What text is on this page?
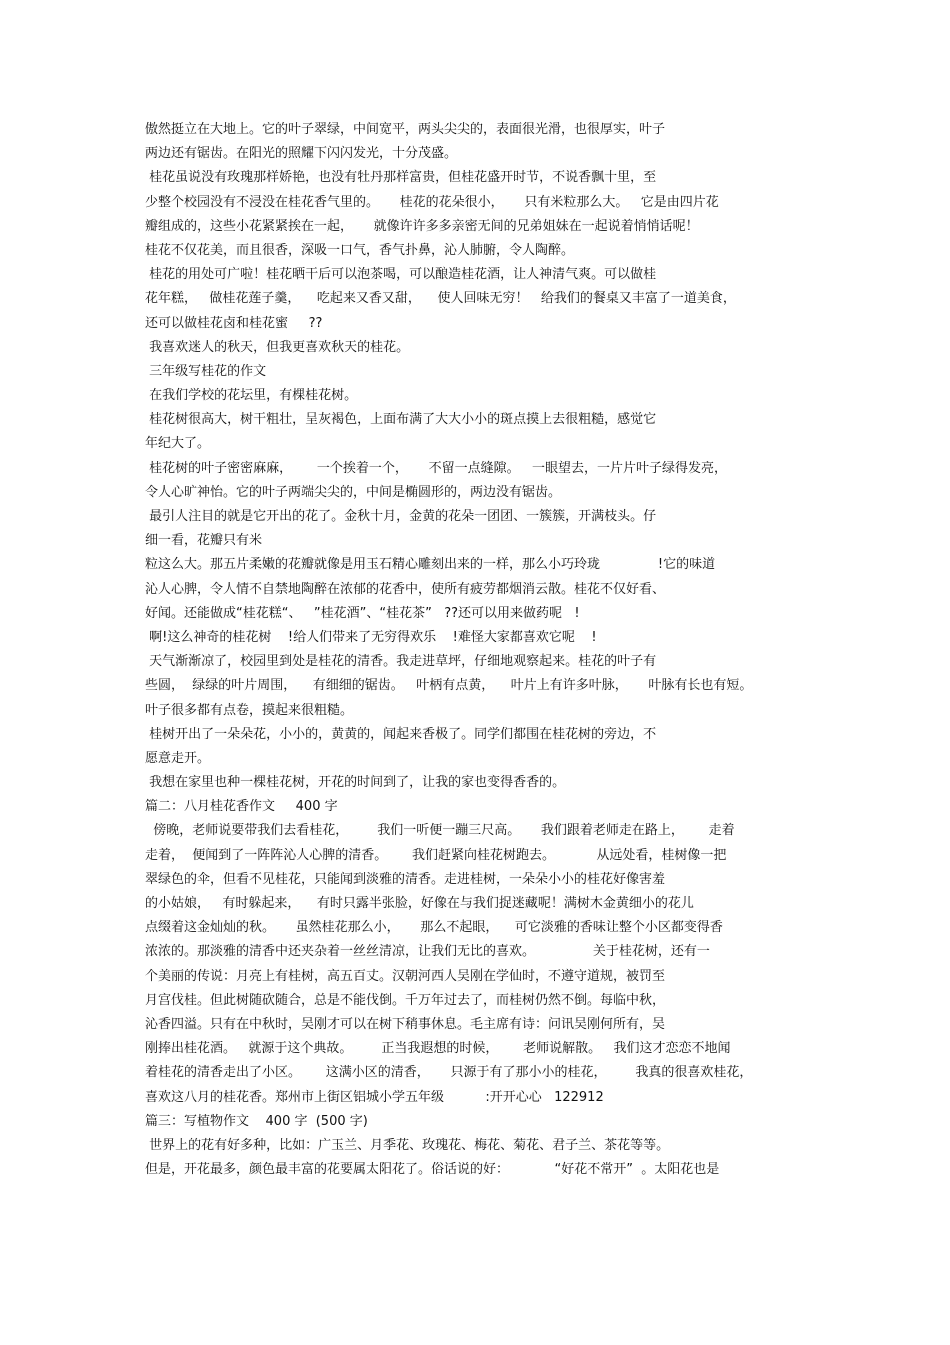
傲然挺立在大地上。它的叶子翠绿，中间宽平，两头尖尖的，表面很光滑，也很厚实，叶子
两边还有锯齿。在阳光的照耀下闪闪发光，十分茂盛。
桂花虽说没有玫瑰那样娇艳，也没有牡丹那样富贵，但桂花盛开时节，不说香飘十里，至
少整个校园没有不浸没在桂花香气里的。     桂花的花朵很小，     只有米粒那么大。   它是由四片花
瓣组成的，这些小花紧紧挨在一起，     就像许许多多亲密无间的兄弟姐妹在一起说着悄悄话呢！
桂花不仅花美，而且很香，深吸一口气，香气扑鼻，沁人肺腑，令人陶醉。
桂花的用处可广啦！桂花晒干后可以泡茶喝，可以酿造桂花酒，让人神清气爽。可以做桂
花年糕，   做桂花莲子羹，    吃起来又香又甜，    使人回味无穷！   给我们的餐桌又丰富了一道美食，
还可以做桂花卤和桂花蜜     ??
我喜欢迷人的秋天，但我更喜欢秋天的桂花。
三年级写桂花的作文
在我们学校的花坛里，有棵桂花树。
桂花树很高大，树干粗壮，呈灰褐色，上面布满了大大小小的斑点摸上去很粗糙，感觉它
年纪大了。
桂花树的叶子密密麻麻，      一个挨着一个，     不留一点缝隙。   一眼望去，一片片叶子绿得发亮，
令人心旷神怡。它的叶子两端尖尖的，中间是椭圆形的，两边没有锯齿。
最引人注目的就是它开出的花了。金秋十月，金黄的花朵一团团、一簇簇，开满枝头。仔
细一看，花瓣只有米
粒这么大。那五片柔嫩的花瓣就像是用玉石精心雕刻出来的一样，那么小巧玲珑              !它的味道
沁人心脾，令人情不自禁地陶醉在浓郁的花香中，使所有疲劳都烟消云散。桂花不仅好看、
好闻。还能做成“桂花糕“、   ”桂花酒”、“桂花茶”   ??还可以用来做药呢   !
啊!这么神奇的桂花树    !给人们带来了无穷得欢乐    !难怪大家都喜欢它呢    !
天气渐渐凉了，校园里到处是桂花的清香。我走进草坪，仔细地观察起来。桂花的叶子有
些圆，  绿绿的叶片周围，    有细细的锯齿。   叶柄有点黄，    叶片上有许多叶脉，     叶脉有长也有短。
叶子很多都有点卷，摸起来很粗糙。
桂树开出了一朵朵花，小小的，黄黄的，闻起来香极了。同学们都围在桂花树的旁边，不
愿意走开。
我想在家里也种一棵桂花树，开花的时间到了，让我的家也变得香香的。
篇二：八月桂花香作文     400 字
傍晚，老师说要带我们去看桂花，       我们一听便一蹦三尺高。     我们跟着老师走在路上，      走着
走着，  便闻到了一阵阵沁人心脾的清香。      我们赶紧向桂花树跑去。          从远处看，桂树像一把
翠绿色的伞，但看不见桂花，只能闻到淡雅的清香。走进桂树，一朵朵小小的桂花好像害羞
的小姑娘，   有时躲起来，    有时只露半张脸，好像在与我们捉迷藏呢！满树木金黄细小的花儿
点缀着这金灿灿的秋。     虽然桂花那么小，     那么不起眼，    可它淡雅的香味让整个小区都变得香
浓浓的。那淡雅的清香中还夹杂着一丝丝清凉，让我们无比的喜欢。              关于桂花树，还有一
个美丽的传说：月亮上有桂树，高五百丈。汉朝河西人吴刚在学仙时，不遵守道规，被罚至
月宫伐桂。但此树随砍随合，总是不能伐倒。千万年过去了，而桂树仍然不倒。每临中秋，
沁香四溢。只有在中秋时，吴刚才可以在树下稍事休息。毛主席有诗：问讯吴刚何所有，吴
刚捧出桂花酒。   就源于这个典故。       正当我遐想的时候，      老师说解散。   我们这才恋恋不地闻
着桂花的清香走出了小区。      这满小区的清香，     只源于有了那小小的桂花，       我真的很喜欢桂花，
喜欢这八月的桂花香。郑州市上街区铝城小学五年级          :开开心心   122912
篇三：写植物作文    400 字  (500 字)
世界上的花有好多种，比如：广玉兰、月季花、玫瑰花、梅花、菊花、君子兰、茶花等等。
但是，开花最多，颜色最丰富的花要属太阳花了。俗话说的好：           “好花不常开”  。太阳花也是
